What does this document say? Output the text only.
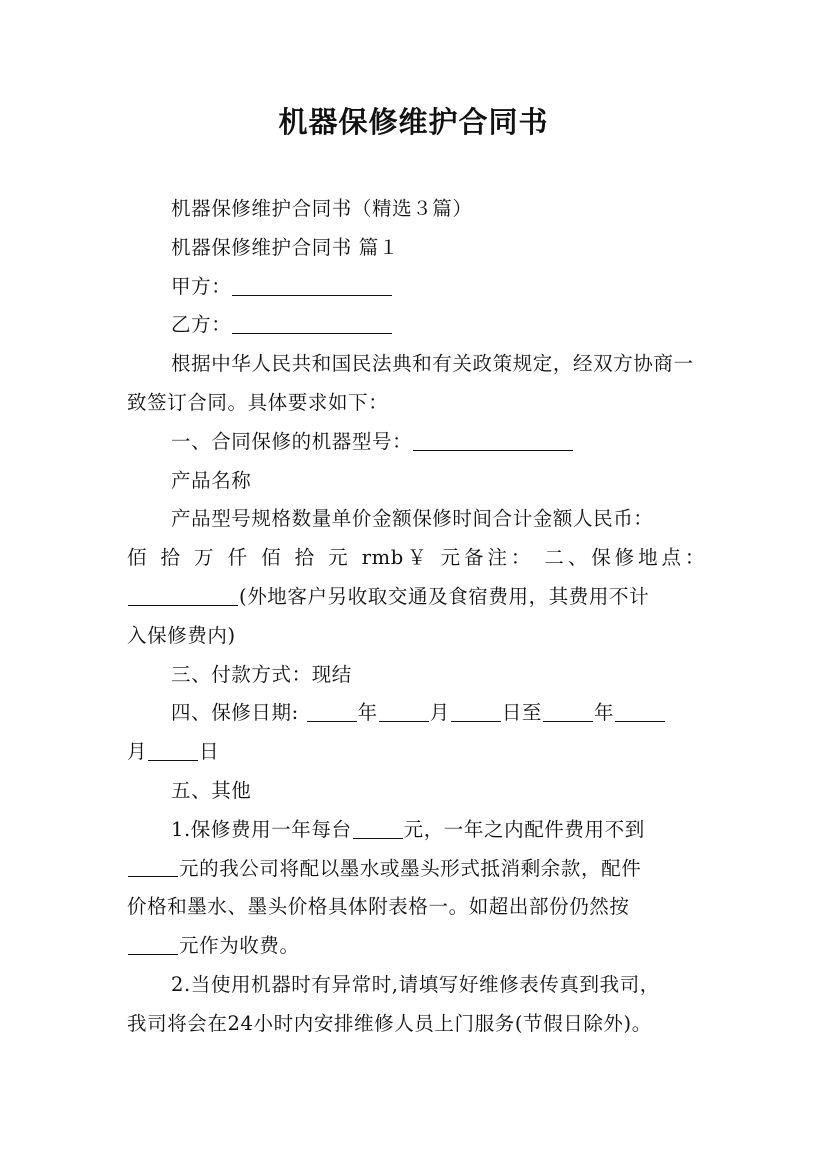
机器保修维护合同书

机器保修维护合同书（精选３篇）

机器保修维护合同书 篇１

甲方：

乙方：

根据中华人民共和国民法典和有关政策规定，经双方协商一致签订合同。具体要求如下：

一、合同保修的机器型号：

产品名称

产品型号规格数量单价金额保修时间合计金额人民币：

佰 拾 万 仟 佰 拾 元 rmb￥ 元备注： 二、保修地点：

(外地客户另收取交通及食宿费用，其费用不计

入保修费内)

三、付款方式：现结

四、保修日期:	年	月	日至	年

月	日

五、其他

1.保修费用一年每台	元，一年之内配件费用不到

元的我公司将配以墨水或墨头形式抵消剩余款，配件

价格和墨水、墨头价格具体附表格一。如超出部份仍然按

元作为收费。

2.当使用机器时有异常时,请填写好维修表传真到我司，

我司将会在24小时内安排维修人员上门服务(节假日除外)。
